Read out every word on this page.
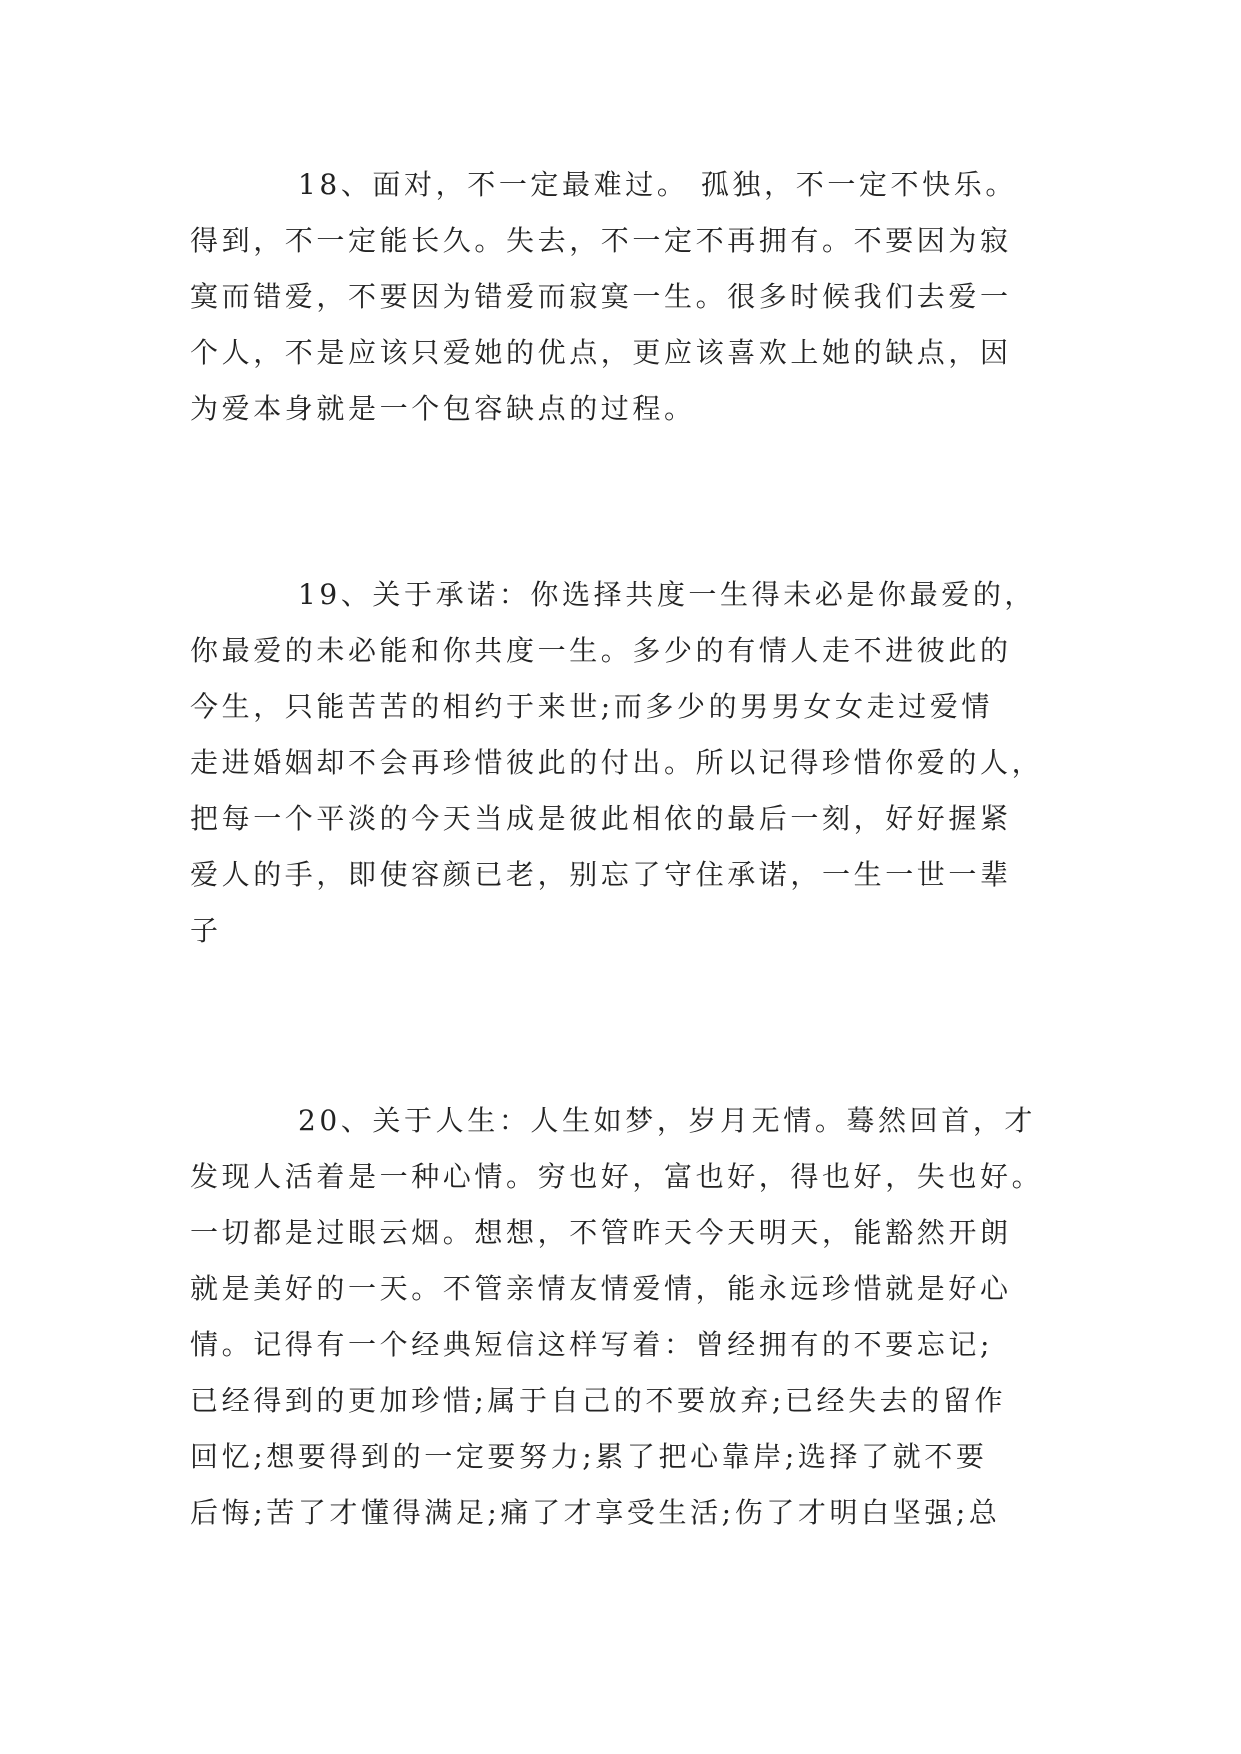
18、面对，不一定最难过。 孤独，不一定不快乐。
得到，不一定能长久。失去，不一定不再拥有。不要因为寂
寞而错爱，不要因为错爱而寂寞一生。很多时候我们去爱一
个人，不是应该只爱她的优点，更应该喜欢上她的缺点，因
为爱本身就是一个包容缺点的过程。
19、关于承诺：你选择共度一生得未必是你最爱的，
你最爱的未必能和你共度一生。多少的有情人走不进彼此的
今生，只能苦苦的相约于来世;而多少的男男女女走过爱情
走进婚姻却不会再珍惜彼此的付出。所以记得珍惜你爱的人，
把每一个平淡的今天当成是彼此相依的最后一刻，好好握紧
爱人的手，即使容颜已老，别忘了守住承诺，一生一世一辈
子
20、关于人生：人生如梦，岁月无情。蓦然回首，才
发现人活着是一种心情。穷也好，富也好，得也好，失也好。
一切都是过眼云烟。想想，不管昨天今天明天，能豁然开朗
就是美好的一天。不管亲情友情爱情，能永远珍惜就是好心
情。记得有一个经典短信这样写着：曾经拥有的不要忘记;
已经得到的更加珍惜;属于自己的不要放弃;已经失去的留作
回忆;想要得到的一定要努力;累了把心靠岸;选择了就不要
后悔;苦了才懂得满足;痛了才享受生活;伤了才明白坚强;总
